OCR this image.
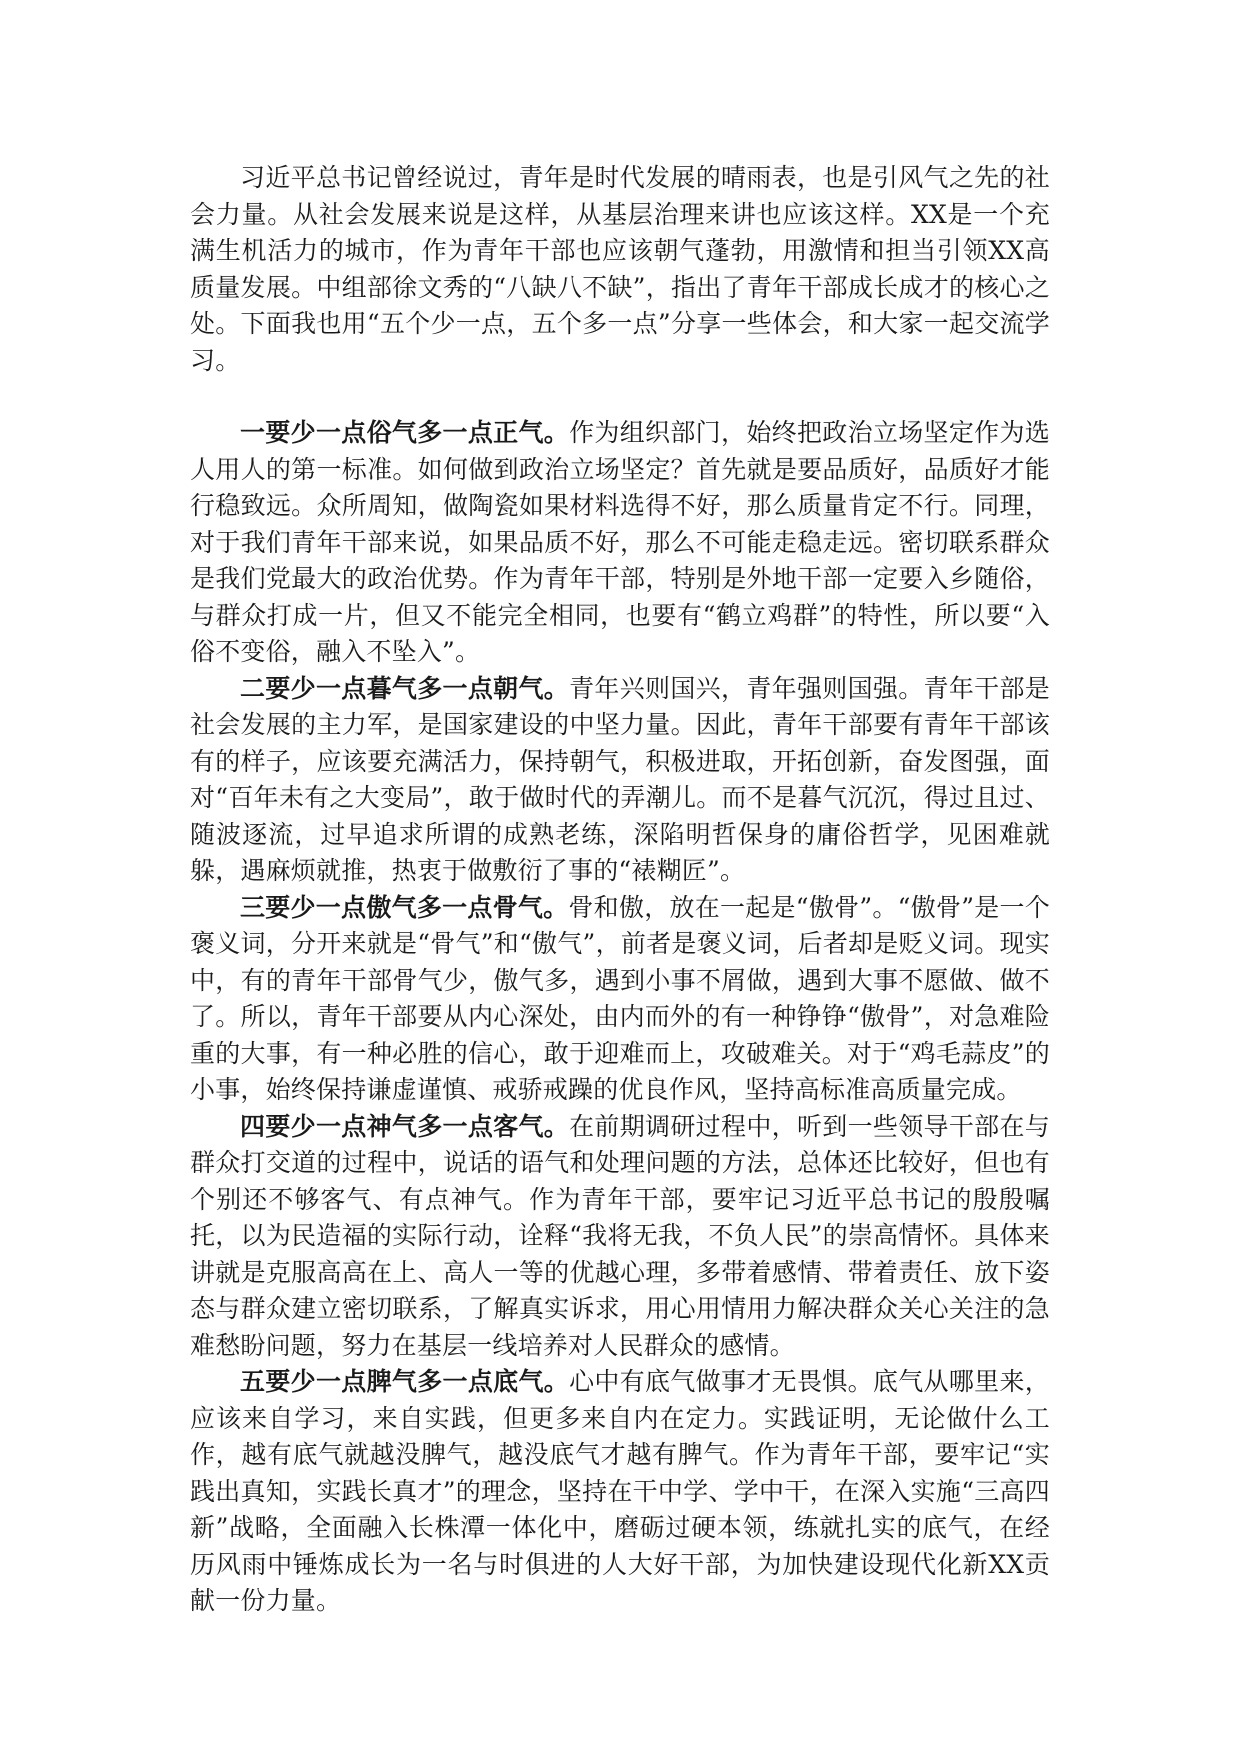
习近平总书记曾经说过，青年是时代发展的晴雨表，也是引风气之先的社会力量。从社会发展来说是这样，从基层治理来讲也应该这样。XX是一个充满生机活力的城市，作为青年干部也应该朝气蓬勃，用激情和担当引领XX高质量发展。中组部徐文秀的“八缺八不缺”，指出了青年干部成长成才的核心之处。下面我也用“五个少一点，五个多一点”分享一些体会，和大家一起交流学习。

一要少一点俗气多一点正气。作为组织部门，始终把政治立场坚定作为选人用人的第一标准。如何做到政治立场坚定？首先就是要品质好，品质好才能行稳致远。众所周知，做陶瓷如果材料选得不好，那么质量肯定不行。同理，对于我们青年干部来说，如果品质不好，那么不可能走稳走远。密切联系群众是我们党最大的政治优势。作为青年干部，特别是外地干部一定要入乡随俗，与群众打成一片，但又不能完全相同，也要有“鹤立鸡群”的特性，所以要“入俗不变俗，融入不坠入”。

二要少一点暮气多一点朝气。青年兴则国兴，青年强则国强。青年干部是社会发展的主力军，是国家建设的中坚力量。因此，青年干部要有青年干部该有的样子，应该要充满活力，保持朝气，积极进取，开拓创新，奋发图强，面对“百年未有之大变局”，敢于做时代的弄潮儿。而不是暮气沉沉，得过且过、随波逐流，过早追求所谓的成熟老练，深陷明哲保身的庸俗哲学，见困难就躲，遇麻烦就推，热衷于做敷衍了事的“裱糊匠”。

三要少一点傲气多一点骨气。骨和傲，放在一起是“傲骨”。“傲骨”是一个褒义词，分开来就是“骨气”和“傲气”，前者是褒义词，后者却是贬义词。现实中，有的青年干部骨气少，傲气多，遇到小事不屑做，遇到大事不愿做、做不了。所以，青年干部要从内心深处，由内而外的有一种铮铮“傲骨”，对急难险重的大事，有一种必胜的信心，敢于迎难而上，攻破难关。对于“鸡毛蒜皮”的小事，始终保持谦虚谨慎、戒骄戒躁的优良作风，坚持高标准高质量完成。

四要少一点神气多一点客气。在前期调研过程中，听到一些领导干部在与群众打交道的过程中，说话的语气和处理问题的方法，总体还比较好，但也有个别还不够客气、有点神气。作为青年干部，要牢记习近平总书记的殷殷嘱托，以为民造福的实际行动，诠释“我将无我，不负人民”的崇高情怀。具体来讲就是克服高高在上、高人一等的优越心理，多带着感情、带着责任、放下姿态与群众建立密切联系，了解真实诉求，用心用情用力解决群众关心关注的急难愁盼问题，努力在基层一线培养对人民群众的感情。

五要少一点脾气多一点底气。心中有底气做事才无畏惧。底气从哪里来，应该来自学习，来自实践，但更多来自内在定力。实践证明，无论做什么工作，越有底气就越没脾气，越没底气才越有脾气。作为青年干部，要牢记“实践出真知，实践长真才”的理念，坚持在干中学、学中干，在深入实施“三高四新”战略，全面融入长株潭一体化中，磨砺过硬本领，练就扎实的底气，在经历风雨中锤炼成长为一名与时俱进的人大好干部，为加快建设现代化新XX贡献一份力量。
